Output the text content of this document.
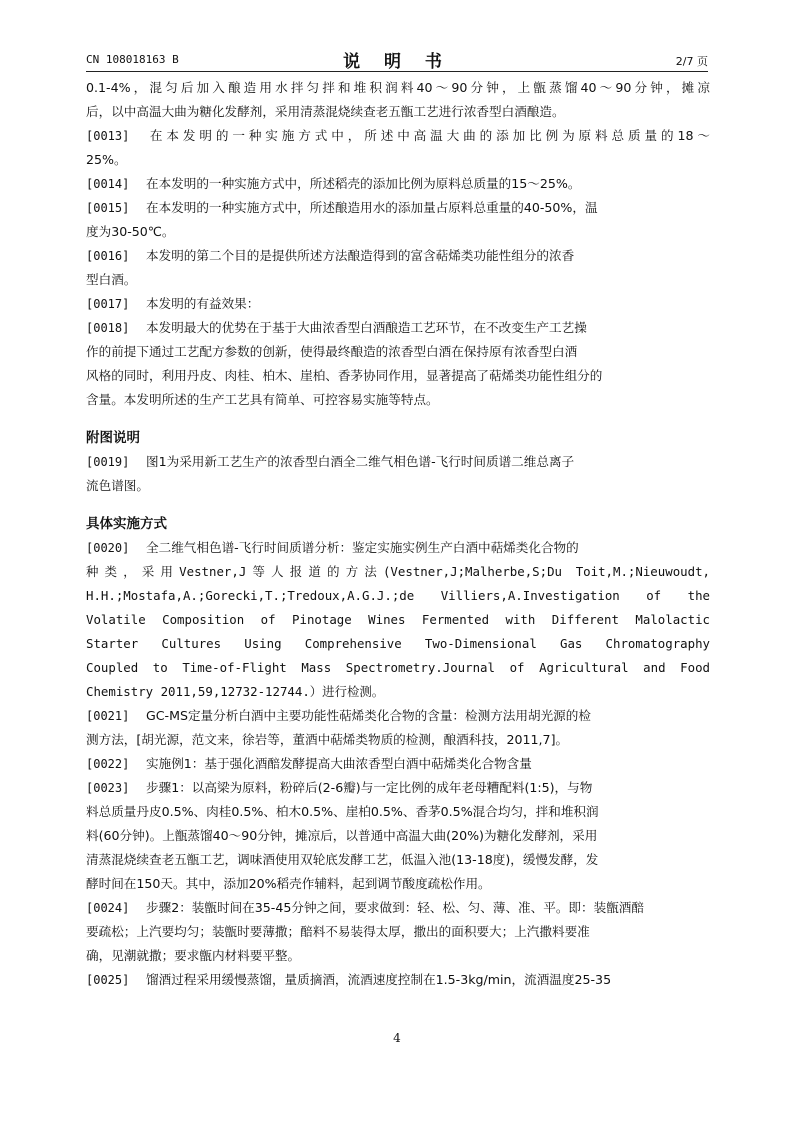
CN 108018163 B	说 明 书	2/7 页
0.1-4%，混匀后加入酿造用水拌匀拌和堆积润料40～90分钟，上甑蒸馏40～90分钟，摊凉
后，以中高温大曲为糖化发酵剂，采用清蒸混烧续查老五甑工艺进行浓香型白酒酿造。
[0013] 在本发明的一种实施方式中，所述中高温大曲的添加比例为原料总质量的18～
25%。
[0014] 在本发明的一种实施方式中，所述稻壳的添加比例为原料总质量的15～25%。
[0015] 在本发明的一种实施方式中，所述酿造用水的添加量占原料总重量的40-50%，温
度为30-50℃。
[0016] 本发明的第二个目的是提供所述方法酿造得到的富含萜烯类功能性组分的浓香
型白酒。
[0017] 本发明的有益效果：
[0018] 本发明最大的优势在于基于大曲浓香型白酒酿造工艺环节，在不改变生产工艺操
作的前提下通过工艺配方参数的创新，使得最终酿造的浓香型白酒在保持原有浓香型白酒
风格的同时，利用丹皮、肉桂、柏木、崖柏、香茅协同作用，显著提高了萜烯类功能性组分的
含量。本发明所述的生产工艺具有简单、可控容易实施等特点。
附图说明
[0019] 图1为采用新工艺生产的浓香型白酒全二维气相色谱-飞行时间质谱二维总离子
流色谱图。
具体实施方式
[0020] 全二维气相色谱-飞行时间质谱分析：鉴定实施实例生产白酒中萜烯类化合物的
种类，采用Vestner,J等人报道的方法(Vestner,J;Malherbe,S;Du Toit,M.;Nieuwoudt,
H.H.;Mostafa,A.;Gorecki,T.;Tredoux,A.G.J.;de Villiers,A.Investigation of the
Volatile Composition of Pinotage Wines Fermented with Different Malolactic
Starter Cultures Using Comprehensive Two-Dimensional Gas Chromatography
Coupled to Time-of-Flight Mass Spectrometry.Journal of Agricultural and Food
Chemistry 2011,59,12732-12744.）进行检测。
[0021] GC-MS定量分析白酒中主要功能性萜烯类化合物的含量：检测方法用胡光源的检
测方法，[胡光源，范文来，徐岩等，董酒中萜烯类物质的检测，酿酒科技，2011,7]。
[0022] 实施例1：基于强化酒醅发酵提高大曲浓香型白酒中萜烯类化合物含量
[0023] 步骤1：以高梁为原料，粉碎后(2-6瓣)与一定比例的成年老母糟配料(1:5)，与物
料总质量丹皮0.5%、肉桂0.5%、柏木0.5%、崖柏0.5%、香茅0.5%混合均匀，拌和堆积润
料(60分钟)。上甑蒸馏40～90分钟，摊凉后，以普通中高温大曲(20%)为糖化发酵剂，采用
清蒸混烧续查老五甑工艺，调味酒使用双轮底发酵工艺，低温入池(13-18度)，缓慢发酵，发
酵时间在150天。其中，添加20%稻壳作辅料，起到调节酸度疏松作用。
[0024] 步骤2：装甑时间在35-45分钟之间，要求做到：轻、松、匀、薄、准、平。即：装甑酒醅
要疏松；上汽要均匀；装甑时要薄撒；醅料不易装得太厚，撒出的面积要大；上汽撒料要准
确，见潮就撒；要求甑内材料要平整。
[0025] 馏酒过程采用缓慢蒸馏，量质摘酒，流酒速度控制在1.5-3kg/min，流酒温度25-35
4
